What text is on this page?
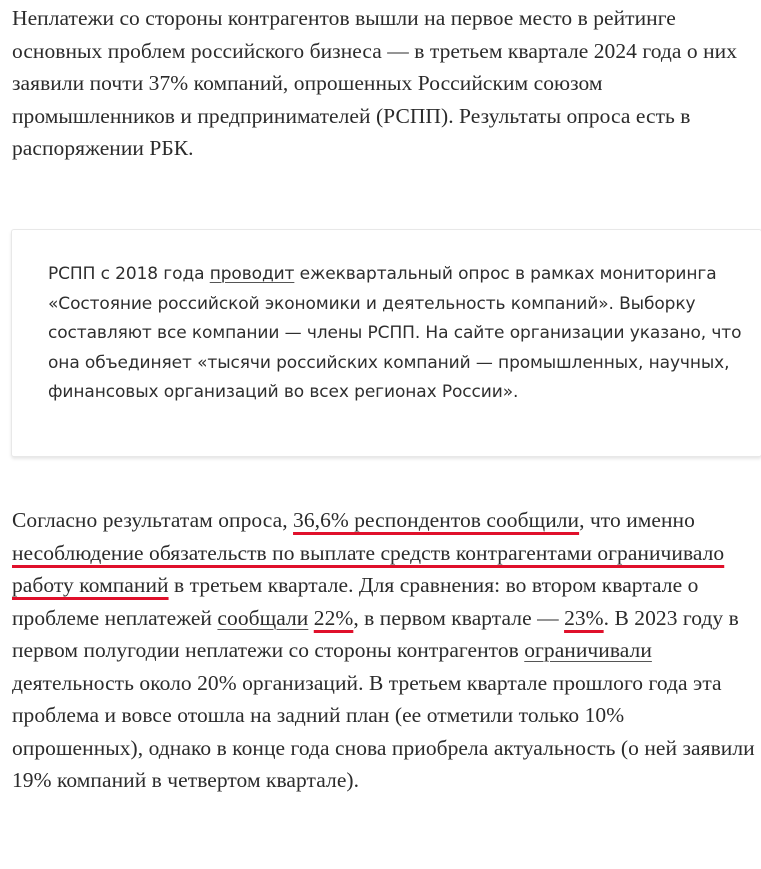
Неплатежи со стороны контрагентов вышли на первое место в рейтинге основных проблем российского бизнеса — в третьем квартале 2024 года о них заявили почти 37% компаний, опрошенных Российским союзом промышленников и предпринимателей (РСПП). Результаты опроса есть в распоряжении РБК.

РСПП с 2018 года проводит ежеквартальный опрос в рамках мониторинга «Состояние российской экономики и деятельность компаний». Выборку составляют все компании — члены РСПП. На сайте организации указано, что она объединяет «тысячи российских компаний — промышленных, научных, финансовых организаций во всех регионах России».

Согласно результатам опроса, 36,6% респондентов сообщили, что именно несоблюдение обязательств по выплате средств контрагентами ограничивало работу компаний в третьем квартале. Для сравнения: во втором квартале о проблеме неплатежей сообщали 22%, в первом квартале — 23%. В 2023 году в первом полугодии неплатежи со стороны контрагентов ограничивали деятельность около 20% организаций. В третьем квартале прошлого года эта проблема и вовсе отошла на задний план (ее отметили только 10% опрошенных), однако в конце года снова приобрела актуальность (о ней заявили 19% компаний в четвертом квартале).
